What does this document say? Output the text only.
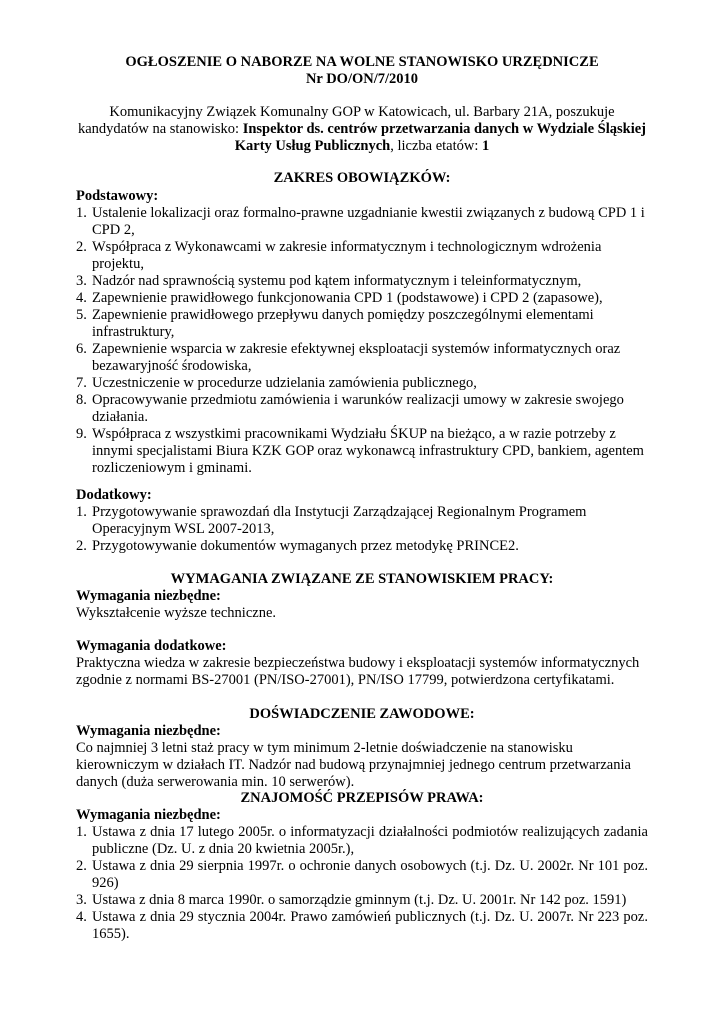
OGŁOSZENIE O NABORZE NA WOLNE STANOWISKO URZĘDNICZE
Nr DO/ON/7/2010
Komunikacyjny Związek Komunalny GOP w Katowicach, ul. Barbary 21A, poszukuje kandydatów na stanowisko: Inspektor ds. centrów przetwarzania danych w Wydziale Śląskiej Karty Usług Publicznych, liczba etatów: 1
ZAKRES OBOWIĄZKÓW:
Podstawowy:
1. Ustalenie lokalizacji oraz formalno-prawne uzgadnianie kwestii związanych z budową CPD 1 i CPD 2,
2. Współpraca z Wykonawcami w zakresie informatycznym i technologicznym wdrożenia projektu,
3. Nadzór nad sprawnością systemu pod kątem informatycznym i teleinformatycznym,
4. Zapewnienie prawidłowego funkcjonowania CPD 1 (podstawowe) i CPD 2 (zapasowe),
5. Zapewnienie prawidłowego przepływu danych pomiędzy poszczególnymi elementami infrastruktury,
6. Zapewnienie wsparcia w zakresie efektywnej eksploatacji systemów informatycznych oraz bezawaryjność środowiska,
7. Uczestniczenie w procedurze udzielania zamówienia publicznego,
8. Opracowywanie przedmiotu zamówienia i warunków realizacji umowy w zakresie swojego działania.
9. Współpraca z wszystkimi pracownikami Wydziału ŚKUP na bieżąco, a w razie potrzeby z innymi specjalistami Biura KZK GOP oraz wykonawcą infrastruktury CPD, bankiem, agentem rozliczeniowym i gminami.
Dodatkowy:
1. Przygotowywanie sprawozdań dla Instytucji Zarządzającej Regionalnym Programem Operacyjnym WSL 2007-2013,
2. Przygotowywanie dokumentów wymaganych przez metodykę PRINCE2.
WYMAGANIA ZWIĄZANE ZE STANOWISKIEM PRACY:
Wymagania niezbędne:
Wykształcenie wyższe techniczne.
Wymagania dodatkowe:
Praktyczna wiedza w zakresie bezpieczeństwa budowy i eksploatacji systemów informatycznych zgodnie z normami BS-27001 (PN/ISO-27001), PN/ISO 17799, potwierdzona certyfikatami.
DOŚWIADCZENIE ZAWODOWE:
Wymagania niezbędne:
Co najmniej 3 letni staż pracy w tym minimum 2-letnie doświadczenie na stanowisku kierowniczym w działach IT. Nadzór nad budową przynajmniej jednego centrum przetwarzania danych (duża serwerowania min. 10 serwerów).
ZNAJOMOŚĆ PRZEPISÓW PRAWA:
Wymagania niezbędne:
1. Ustawa z dnia 17 lutego 2005r. o informatyzacji działalności podmiotów realizujących zadania publiczne (Dz. U. z dnia 20 kwietnia 2005r.),
2. Ustawa z dnia 29 sierpnia 1997r. o ochronie danych osobowych (t.j. Dz. U. 2002r. Nr 101 poz. 926)
3. Ustawa z dnia 8 marca 1990r. o samorządzie gminnym (t.j. Dz. U. 2001r. Nr 142 poz. 1591)
4. Ustawa z dnia 29 stycznia 2004r. Prawo zamówień publicznych (t.j. Dz. U. 2007r. Nr 223 poz. 1655).
